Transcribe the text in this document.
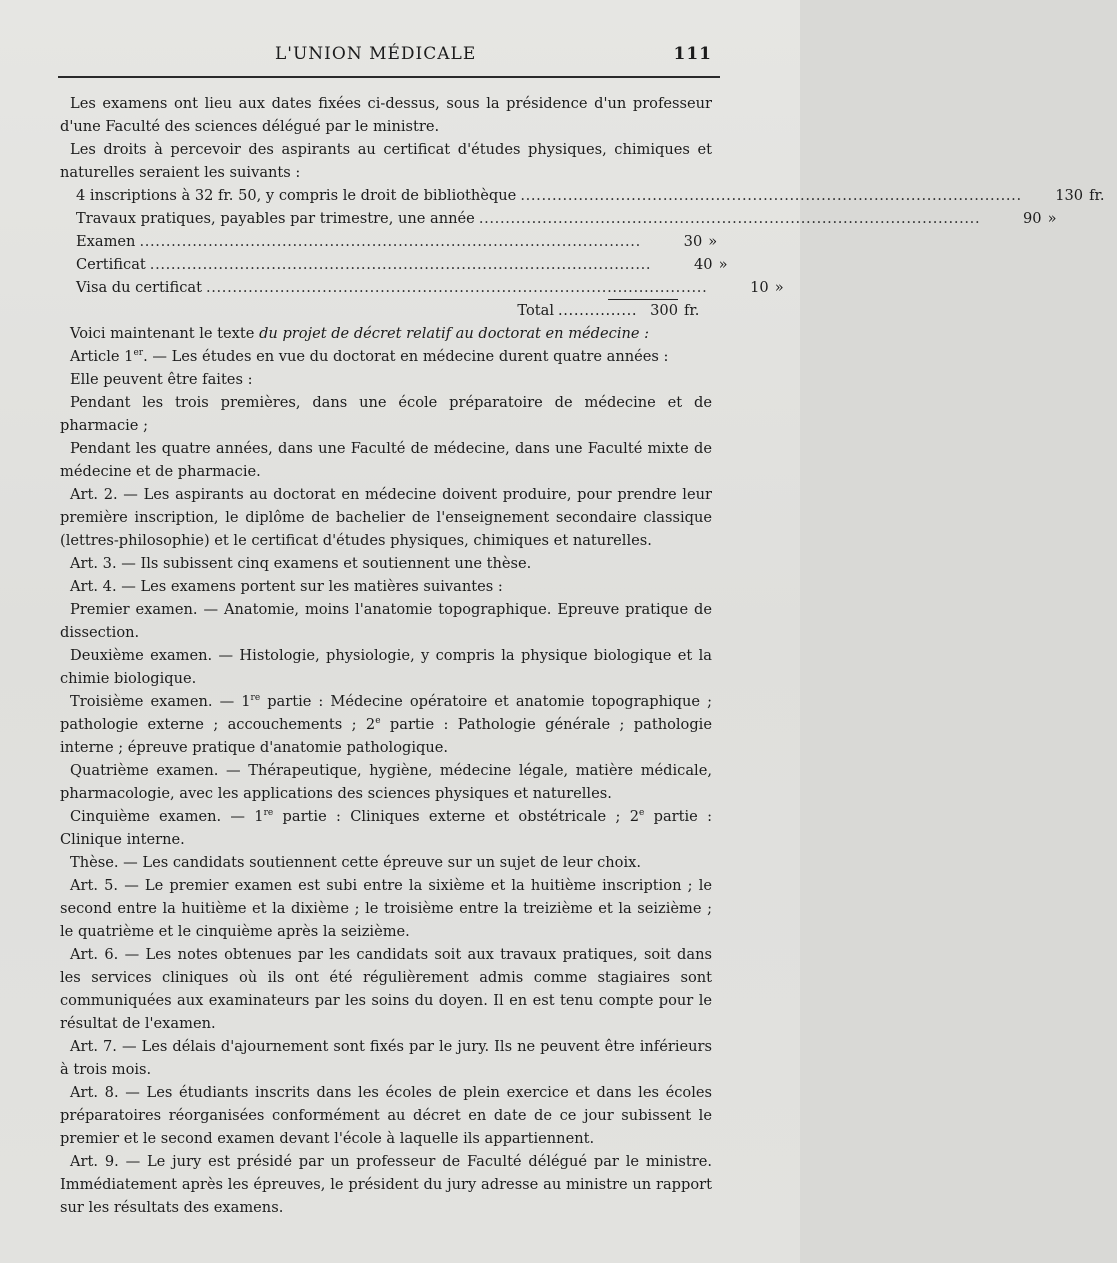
L'UNION MÉDICALE	111

Les examens ont lieu aux dates fixées ci-dessus, sous la présidence d'un professeur d'une Faculté des sciences délégué par le ministre.

Les droits à percevoir des aspirants au certificat d'études physiques, chimiques et naturelles seraient les suivants :

4 inscriptions à 32 fr. 50, y compris le droit de bibliothèque . . .	130 fr.
Travaux pratiques, payables par trimestre, une année . . .	90 »
Examen . . .	30 »
Certificat . . .	40 »
Visa du certificat . . .	10 »
Total . . . . . . . . . . . . . . .	300 fr.

Voici maintenant le texte du projet de décret relatif au doctorat en médecine :

Article 1er. — Les études en vue du doctorat en médecine durent quatre années :

Elle peuvent être faites :

Pendant les trois premières, dans une école préparatoire de médecine et de pharmacie ;

Pendant les quatre années, dans une Faculté de médecine, dans une Faculté mixte de médecine et de pharmacie.

Art. 2. — Les aspirants au doctorat en médecine doivent produire, pour prendre leur première inscription, le diplôme de bachelier de l'enseignement secondaire classique (lettres-philosophie) et le certificat d'études physiques, chimiques et naturelles.

Art. 3. — Ils subissent cinq examens et soutiennent une thèse.

Art. 4. — Les examens portent sur les matières suivantes :

Premier examen. — Anatomie, moins l'anatomie topographique. Epreuve pratique de dissection.

Deuxième examen. — Histologie, physiologie, y compris la physique biologique et la chimie biologique.

Troisième examen. — 1re partie : Médecine opératoire et anatomie topographique ; pathologie externe ; accouchements ; 2e partie : Pathologie générale ; pathologie interne ; épreuve pratique d'anatomie pathologique.

Quatrième examen. — Thérapeutique, hygiène, médecine légale, matière médicale, pharmacologie, avec les applications des sciences physiques et naturelles.

Cinquième examen. — 1re partie : Cliniques externe et obstétricale ; 2e partie : Clinique interne.

Thèse. — Les candidats soutiennent cette épreuve sur un sujet de leur choix.

Art. 5. — Le premier examen est subi entre la sixième et la huitième inscription ; le second entre la huitième et la dixième ; le troisième entre la treizième et la seizième ; le quatrième et le cinquième après la seizième.

Art. 6. — Les notes obtenues par les candidats soit aux travaux pratiques, soit dans les services cliniques où ils ont été régulièrement admis comme stagiaires sont communiquées aux examinateurs par les soins du doyen. Il en est tenu compte pour le résultat de l'examen.

Art. 7. — Les délais d'ajournement sont fixés par le jury. Ils ne peuvent être inférieurs à trois mois.

Art. 8. — Les étudiants inscrits dans les écoles de plein exercice et dans les écoles préparatoires réorganisées conformément au décret en date de ce jour subissent le premier et le second examen devant l'école à laquelle ils appartiennent.

Art. 9. — Le jury est présidé par un professeur de Faculté délégué par le ministre. Immédiatement après les épreuves, le président du jury adresse au ministre un rapport sur les résultats des examens.
